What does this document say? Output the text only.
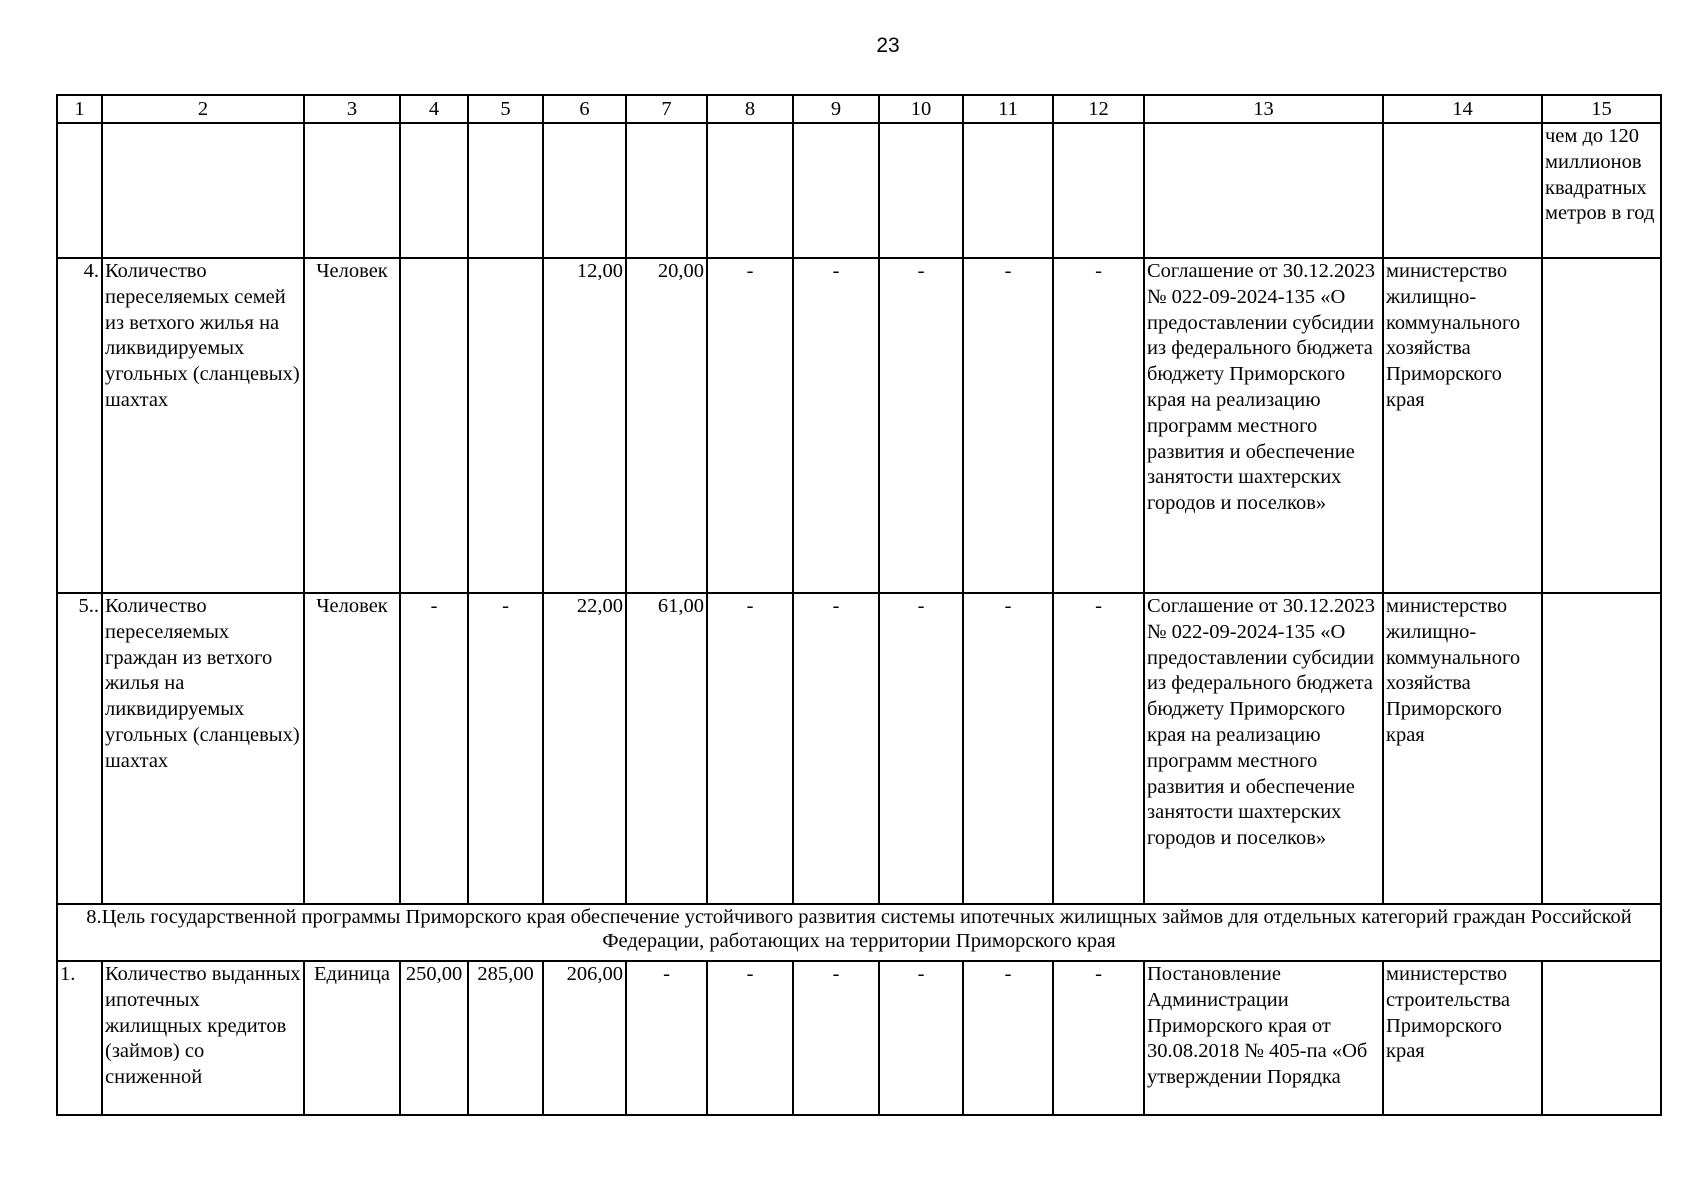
23
1	2	3	4	5	6	7	8	9	10	11	12	13	14	15
														чем до 120 миллионов квадратных метров в год
4.	Количество переселяемых семей из ветхого жилья на ликвидируемых угольных (сланцевых) шахтах	Человек			12,00	20,00	-	-	-	-	-	Соглашение от 30.12.2023 № 022-09-2024-135 «О предоставлении субсидии из федерального бюджета бюджету Приморского края на реализацию программ местного развития и обеспечение занятости шахтерских городов и поселков»	министерство жилищно-коммунального хозяйства Приморского края	
5..	Количество переселяемых граждан из ветхого жилья на ликвидируемых угольных (сланцевых) шахтах	Человек	-	-	22,00	61,00	-	-	-	-	-	Соглашение от 30.12.2023 № 022-09-2024-135 «О предоставлении субсидии из федерального бюджета бюджету Приморского края на реализацию программ местного развития и обеспечение занятости шахтерских городов и поселков»	министерство жилищно-коммунального хозяйства Приморского края	
8.Цель государственной программы Приморского края обеспечение устойчивого развития системы ипотечных жилищных займов для отдельных категорий граждан Российской Федерации, работающих на территории Приморского края														
1.	Количество выданных ипотечных жилищных кредитов (займов) со сниженной	Единица	250,00	285,00	206,00	-	-	-	-	-	-	Постановление Администрации Приморского края от 30.08.2018 № 405-па «Об утверждении Порядка	министерство строительства Приморского края	
